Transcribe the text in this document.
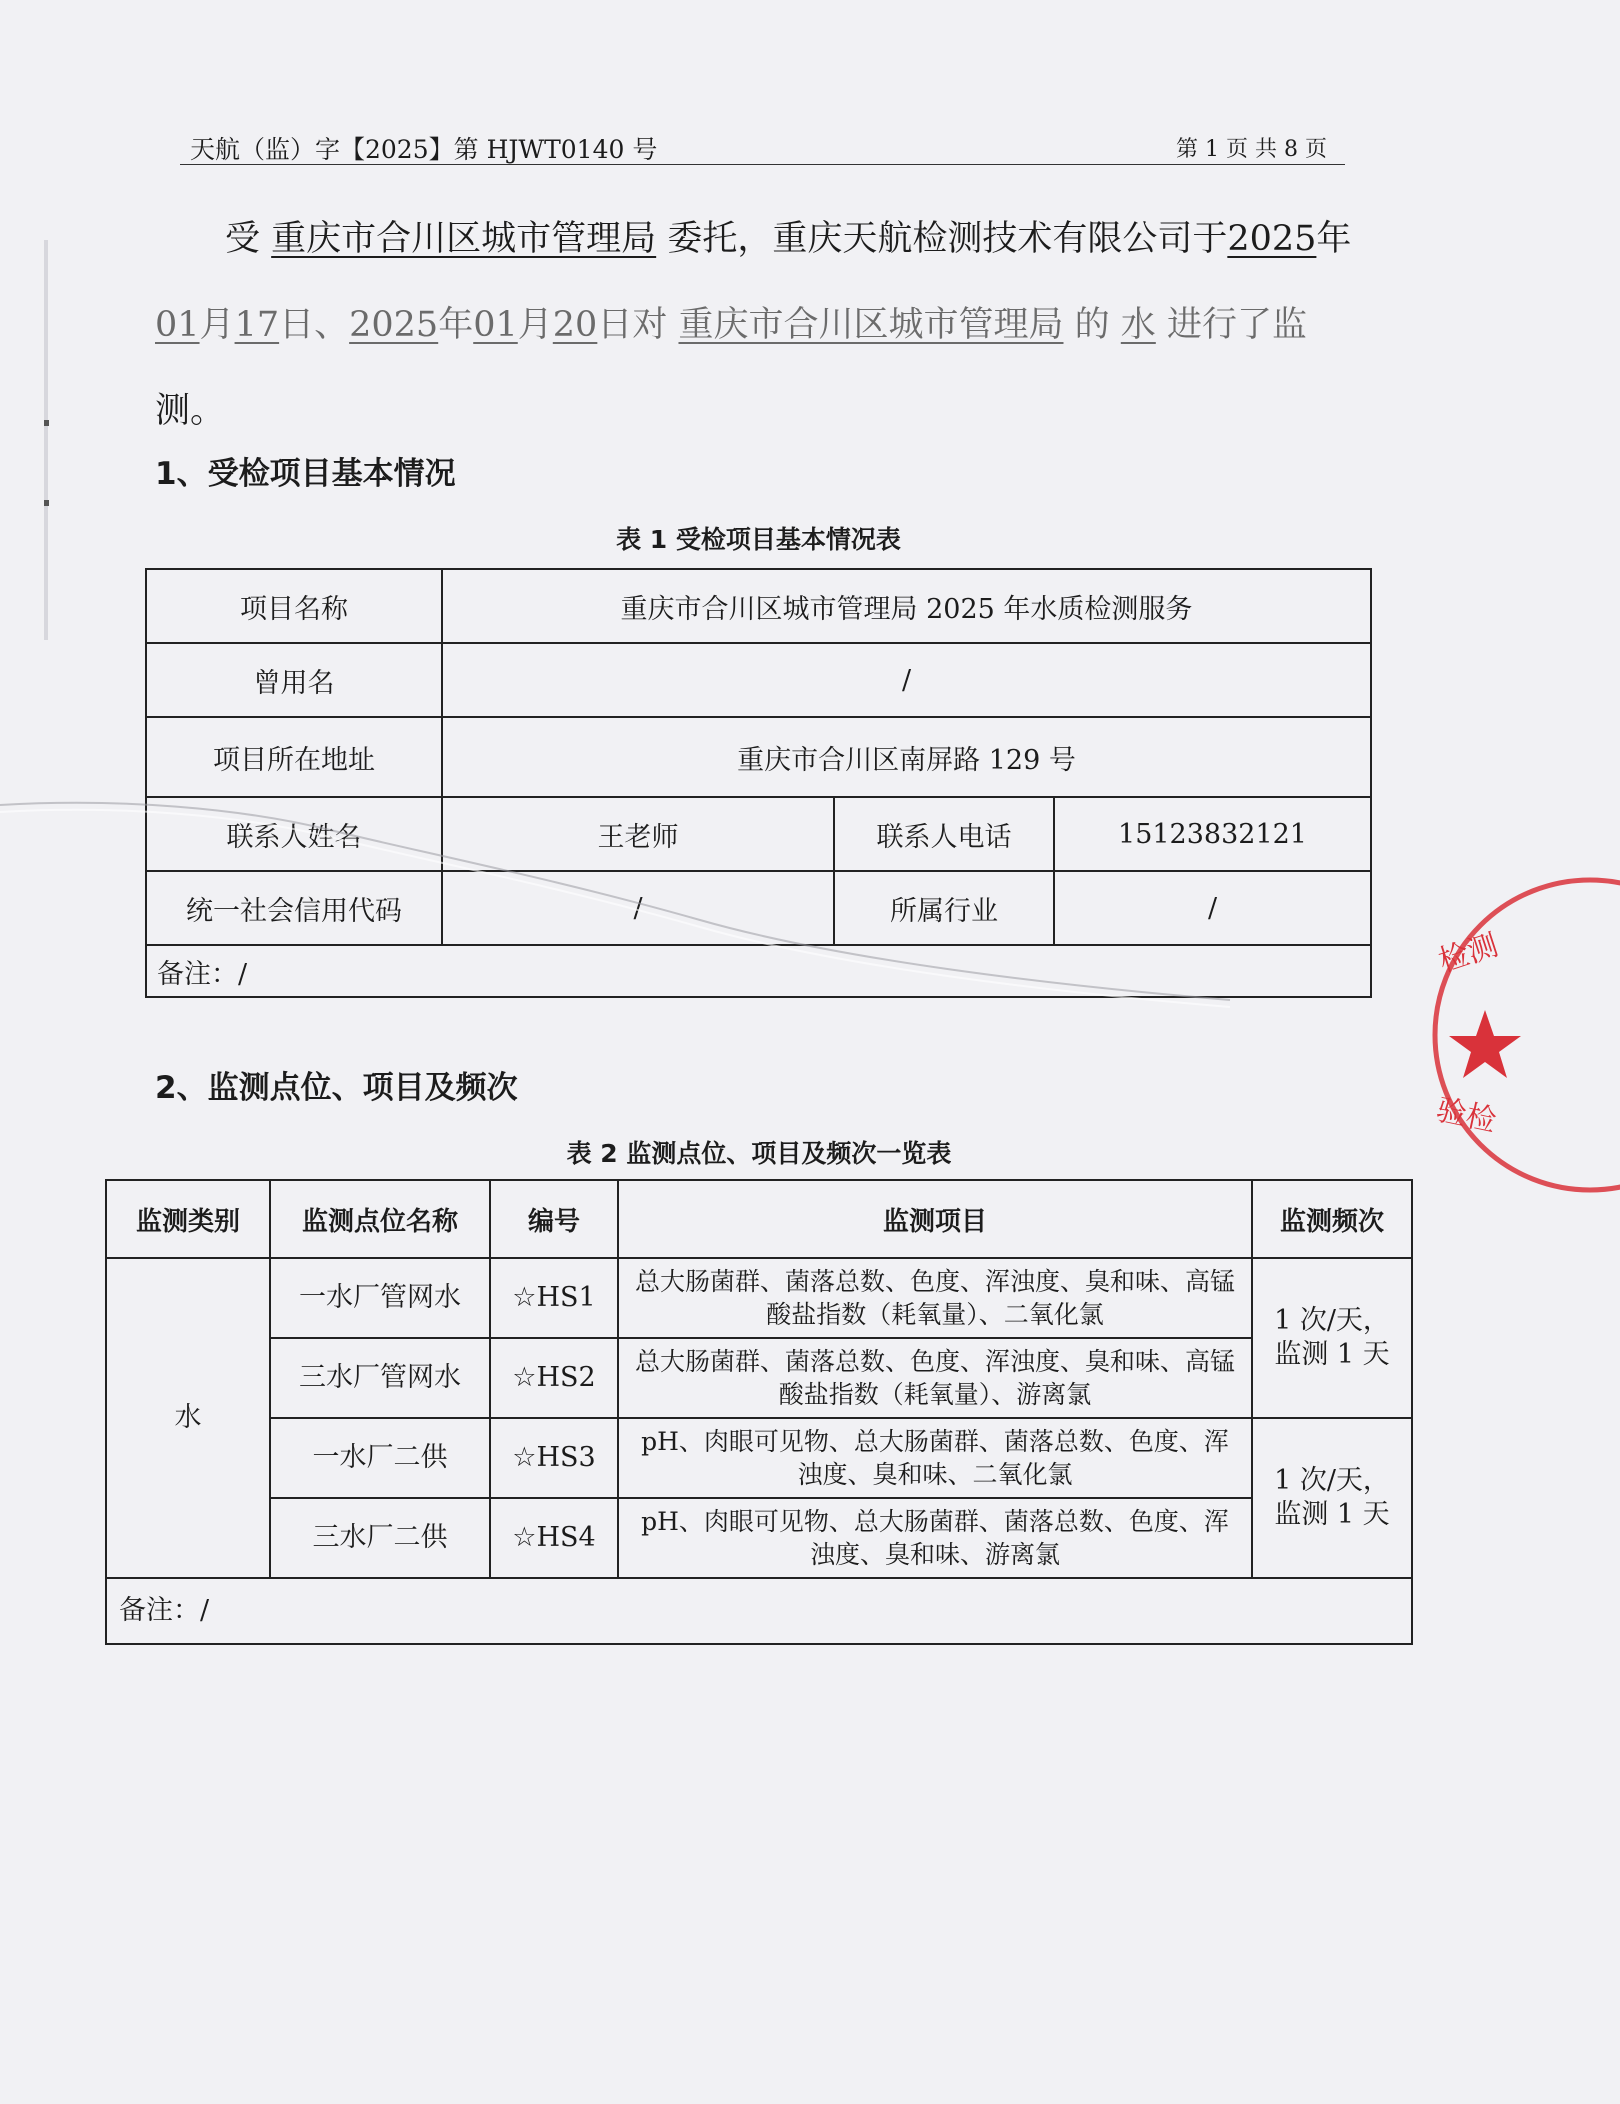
天航（监）字【2025】第 HJWT0140 号	第 1 页 共 8 页
受 重庆市合川区城市管理局 委托，重庆天航检测技术有限公司于2025年
01月17日、2025年01月20日对 重庆市合川区城市管理局 的 水 进行了监
测。
1、受检项目基本情况
表 1 受检项目基本情况表
项目名称	重庆市合川区城市管理局 2025 年水质检测服务		
曾用名	/		
项目所在地址	重庆市合川区南屏路 129 号		
联系人姓名	王老师	联系人电话	15123832121
统一社会信用代码	/	所属行业	/
备注：/			
2、监测点位、项目及频次
表 2 监测点位、项目及频次一览表
监测类别	监测点位名称	编号	监测项目	监测频次
水	一水厂管网水	☆HS1	总大肠菌群、菌落总数、色度、浑浊度、臭和味、高锰酸盐指数（耗氧量）、二氧化氯	1 次/天，
监测 1 天
	三水厂管网水	☆HS2	总大肠菌群、菌落总数、色度、浑浊度、臭和味、高锰酸盐指数（耗氧量）、游离氯	
	一水厂二供	☆HS3	pH、肉眼可见物、总大肠菌群、菌落总数、色度、浑浊度、臭和味、二氧化氯	1 次/天，
监测 1 天
	三水厂二供	☆HS4	pH、肉眼可见物、总大肠菌群、菌落总数、色度、浑浊度、臭和味、游离氯	
备注：/				
检测
验检
